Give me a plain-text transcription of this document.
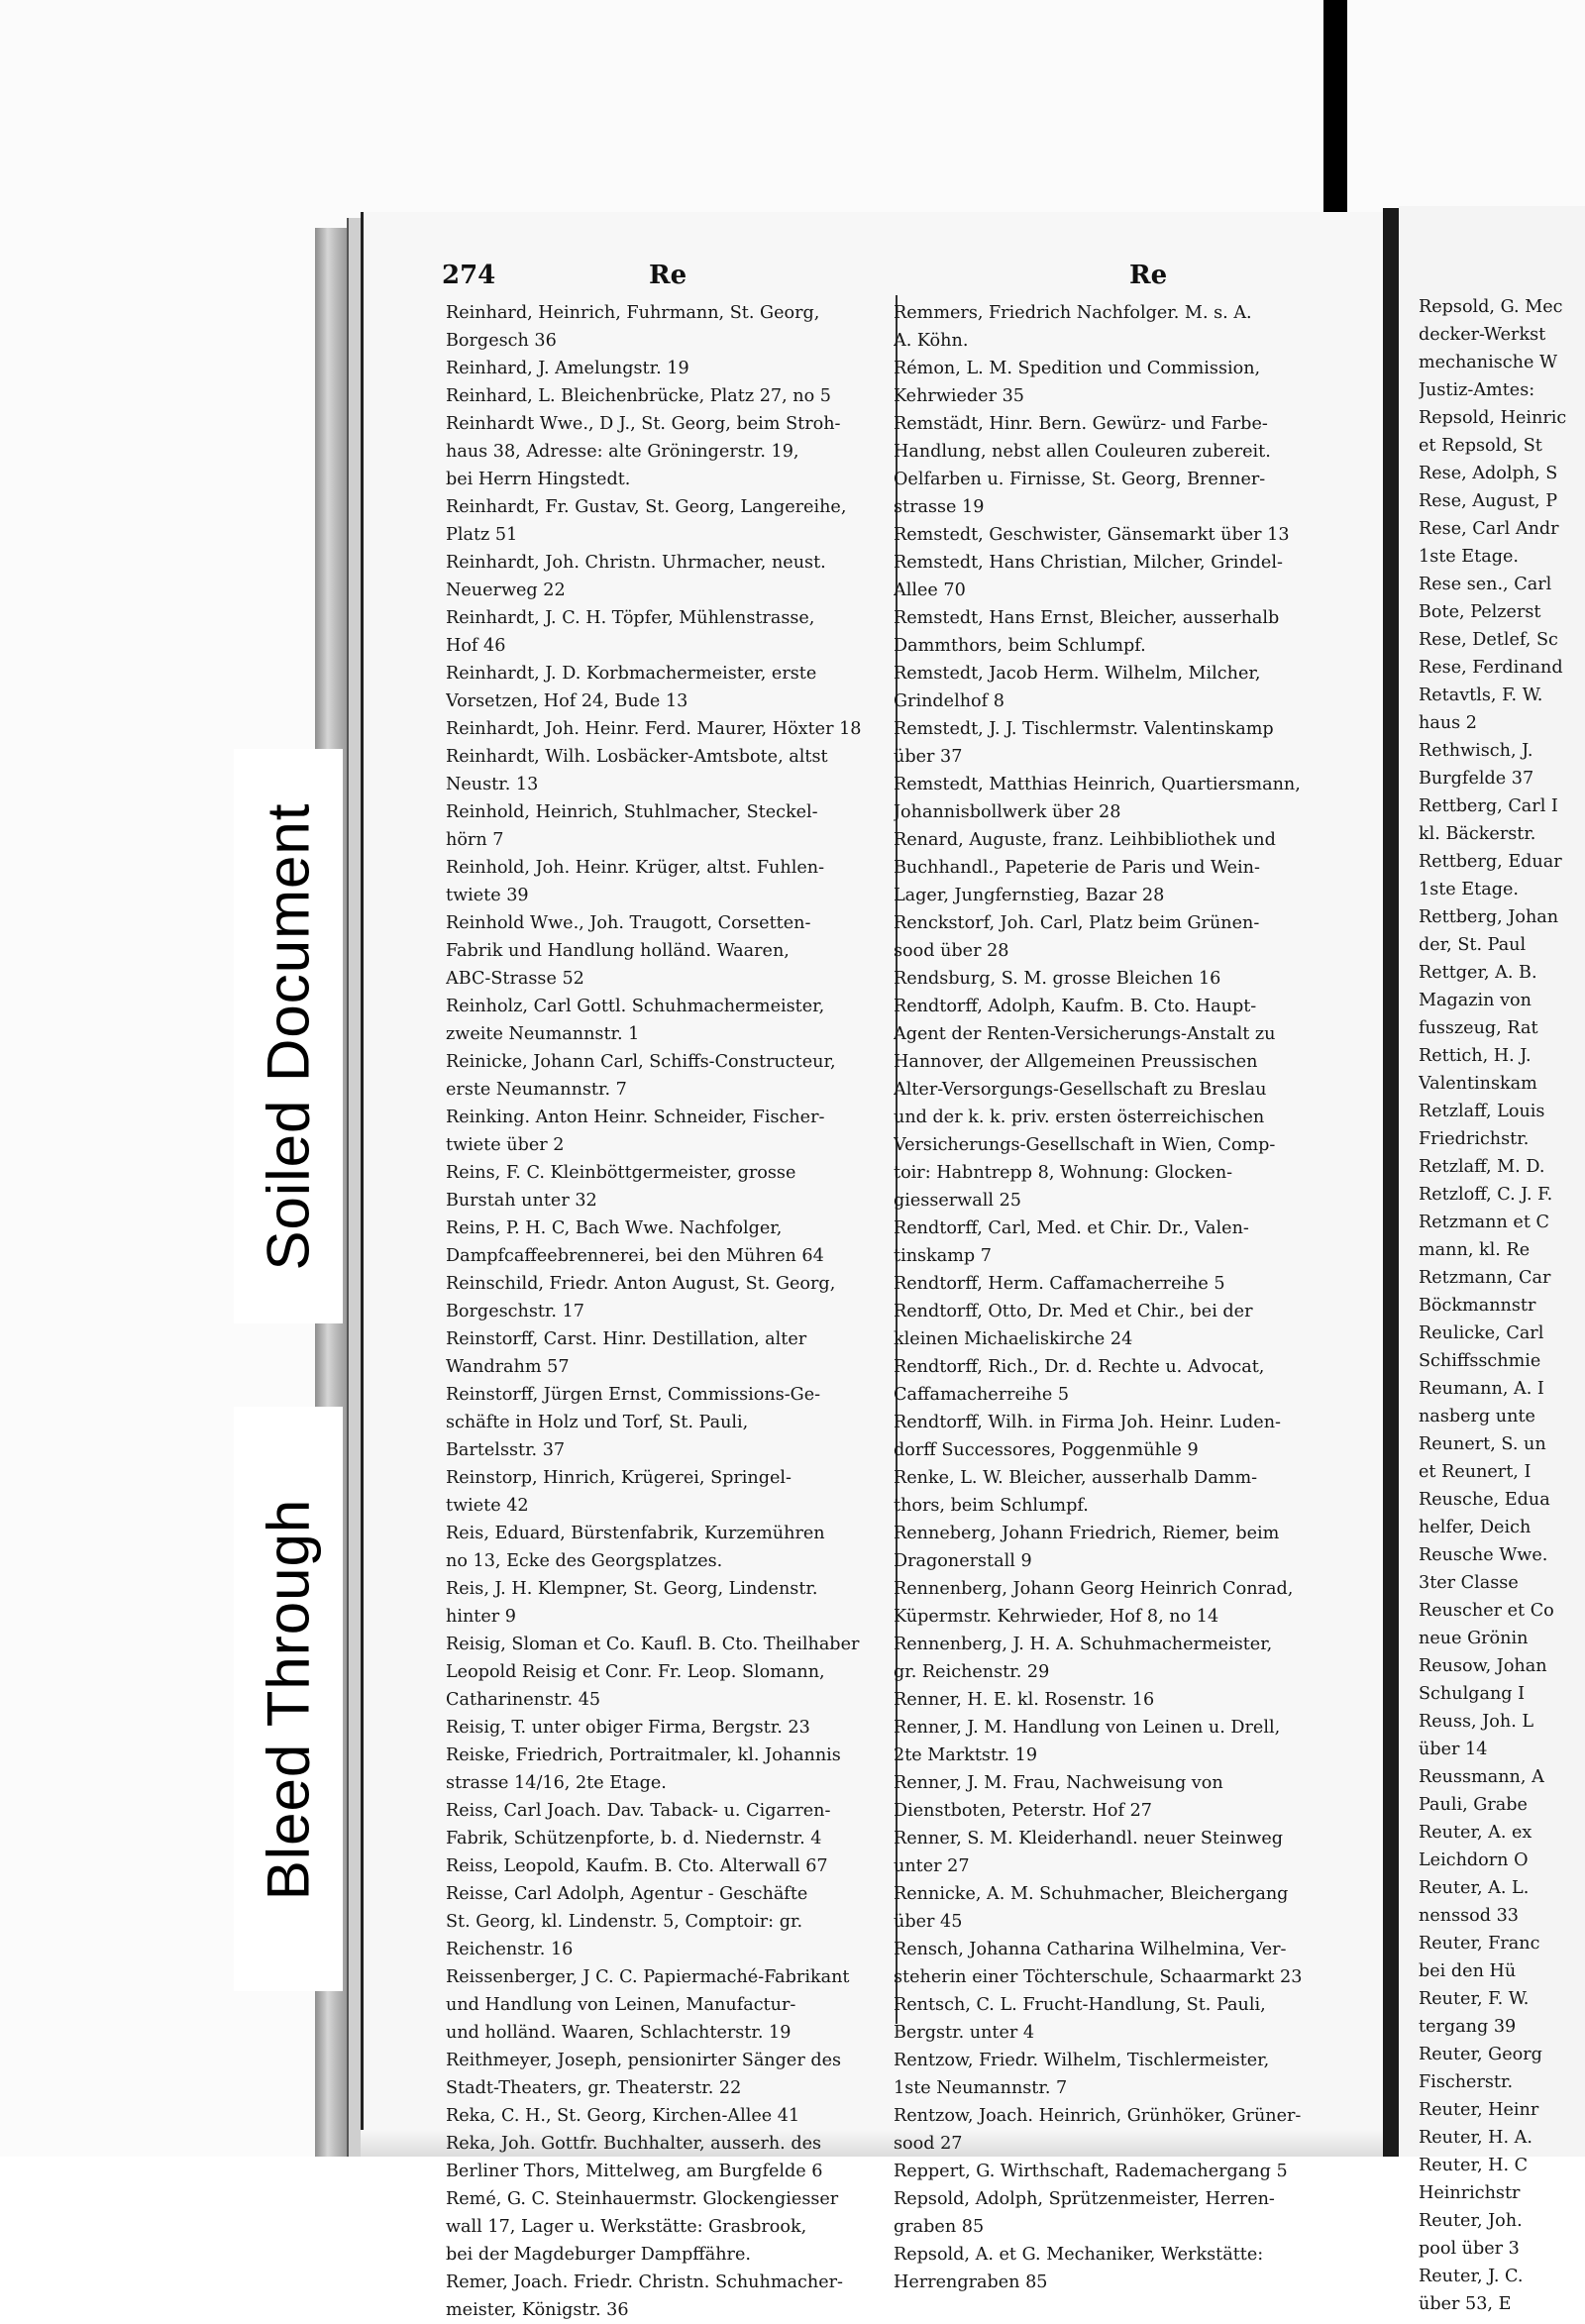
Soiled Document
Bleed Through
274	Re	Re
Reinhard, Heinrich, Fuhrmann, St. Georg,
Borgesch 36
Reinhard, J. Amelungstr. 19
Reinhard, L. Bleichenbrücke, Platz 27, no 5
Reinhardt Wwe., D J., St. Georg, beim Stroh-
haus 38, Adresse: alte Gröningerstr. 19,
bei Herrn Hingstedt.
Reinhardt, Fr. Gustav, St. Georg, Langereihe,
Platz 51
Reinhardt, Joh. Christn. Uhrmacher, neust.
Neuerweg 22
Reinhardt, J. C. H. Töpfer, Mühlenstrasse,
Hof 46
Reinhardt, J. D. Korbmachermeister, erste
Vorsetzen, Hof 24, Bude 13
Reinhardt, Joh. Heinr. Ferd. Maurer, Höxter 18
Reinhardt, Wilh. Losbäcker-Amtsbote, altst
Neustr. 13
Reinhold, Heinrich, Stuhlmacher, Steckel-
hörn 7
Reinhold, Joh. Heinr. Krüger, altst. Fuhlen-
twiete 39
Reinhold Wwe., Joh. Traugott, Corsetten-
Fabrik und Handlung holländ. Waaren,
ABC-Strasse 52
Reinholz, Carl Gottl. Schuhmachermeister,
zweite Neumannstr. 1
Reinicke, Johann Carl, Schiffs-Constructeur,
erste Neumannstr. 7
Reinking. Anton Heinr. Schneider, Fischer-
twiete über 2
Reins, F. C. Kleinböttgermeister, grosse
Burstah unter 32
Reins, P. H. C, Bach Wwe. Nachfolger,
Dampfcaffeebrennerei, bei den Mühren 64
Reinschild, Friedr. Anton August, St. Georg,
Borgeschstr. 17
Reinstorff, Carst. Hinr. Destillation, alter
Wandrahm 57
Reinstorff, Jürgen Ernst, Commissions-Ge-
schäfte in Holz und Torf, St. Pauli,
Bartelsstr. 37
Reinstorp, Hinrich, Krügerei, Springel-
twiete 42
Reis, Eduard, Bürstenfabrik, Kurzemühren
no 13, Ecke des Georgsplatzes.
Reis, J. H. Klempner, St. Georg, Lindenstr.
hinter 9
Reisig, Sloman et Co. Kaufl. B. Cto. Theilhaber
Leopold Reisig et Conr. Fr. Leop. Slomann,
Catharinenstr. 45
Reisig, T. unter obiger Firma, Bergstr. 23
Reiske, Friedrich, Portraitmaler, kl. Johannis
strasse 14/16, 2te Etage.
Reiss, Carl Joach. Dav. Taback- u. Cigarren-
Fabrik, Schützenpforte, b. d. Niedernstr. 4
Reiss, Leopold, Kaufm. B. Cto. Alterwall 67
Reisse, Carl Adolph, Agentur - Geschäfte
St. Georg, kl. Lindenstr. 5, Comptoir: gr.
Reichenstr. 16
Reissenberger, J C. C. Papiermaché-Fabrikant
und Handlung von Leinen, Manufactur-
und holländ. Waaren, Schlachterstr. 19
Reithmeyer, Joseph, pensionirter Sänger des
Stadt-Theaters, gr. Theaterstr. 22
Reka, C. H., St. Georg, Kirchen-Allee 41
Reka, Joh. Gottfr. Buchhalter, ausserh. des
Berliner Thors, Mittelweg, am Burgfelde 6
Remé, G. C. Steinhauermstr. Glockengiesser
wall 17, Lager u. Werkstätte: Grasbrook,
bei der Magdeburger Dampffähre.
Remer, Joach. Friedr. Christn. Schuhmacher-
meister, Königstr. 36
Remmers, Friedrich Nachfolger. M. s. A.
A. Köhn.
Rémon, L. M. Spedition und Commission,
Kehrwieder 35
Remstädt, Hinr. Bern. Gewürz- und Farbe-
Handlung, nebst allen Couleuren zubereit.
Oelfarben u. Firnisse, St. Georg, Brenner-
strasse 19
Remstedt, Geschwister, Gänsemarkt über 13
Remstedt, Hans Christian, Milcher, Grindel-
Allee 70
Remstedt, Hans Ernst, Bleicher, ausserhalb
Dammthors, beim Schlumpf.
Remstedt, Jacob Herm. Wilhelm, Milcher,
Grindelhof 8
Remstedt, J. J. Tischlermstr. Valentinskamp
über 37
Remstedt, Matthias Heinrich, Quartiersmann,
Johannisbollwerk über 28
Renard, Auguste, franz. Leihbibliothek und
Buchhandl., Papeterie de Paris und Wein-
Lager, Jungfernstieg, Bazar 28
Renckstorf, Joh. Carl, Platz beim Grünen-
sood über 28
Rendsburg, S. M. grosse Bleichen 16
Rendtorff, Adolph, Kaufm. B. Cto. Haupt-
Agent der Renten-Versicherungs-Anstalt zu
Hannover, der Allgemeinen Preussischen
Alter-Versorgungs-Gesellschaft zu Breslau
und der k. k. priv. ersten österreichischen
Versicherungs-Gesellschaft in Wien, Comp-
toir: Habntrepp 8, Wohnung: Glocken-
giesserwall 25
Rendtorff, Carl, Med. et Chir. Dr., Valen-
tinskamp 7
Rendtorff, Herm. Caffamacherreihe 5
Rendtorff, Otto, Dr. Med et Chir., bei der
kleinen Michaeliskirche 24
Rendtorff, Rich., Dr. d. Rechte u. Advocat,
Caffamacherreihe 5
Rendtorff, Wilh. in Firma Joh. Heinr. Luden-
dorff Successores, Poggenmühle 9
Renke, L. W. Bleicher, ausserhalb Damm-
thors, beim Schlumpf.
Renneberg, Johann Friedrich, Riemer, beim
Dragonerstall 9
Rennenberg, Johann Georg Heinrich Conrad,
Küpermstr. Kehrwieder, Hof 8, no 14
Rennenberg, J. H. A. Schuhmachermeister,
gr. Reichenstr. 29
Renner, H. E. kl. Rosenstr. 16
Renner, J. M. Handlung von Leinen u. Drell,
2te Marktstr. 19
Renner, J. M. Frau, Nachweisung von
Dienstboten, Peterstr. Hof 27
Renner, S. M. Kleiderhandl. neuer Steinweg
unter 27
Rennicke, A. M. Schuhmacher, Bleichergang
über 45
Rensch, Johanna Catharina Wilhelmina, Ver-
steherin einer Töchterschule, Schaarmarkt 23
Rentsch, C. L. Frucht-Handlung, St. Pauli,
Bergstr. unter 4
Rentzow, Friedr. Wilhelm, Tischlermeister,
1ste Neumannstr. 7
Rentzow, Joach. Heinrich, Grünhöker, Grüner-
sood 27
Reppert, G. Wirthschaft, Rademachergang 5
Repsold, Adolph, Sprützenmeister, Herren-
graben 85
Repsold, A. et G. Mechaniker, Werkstätte:
Herrengraben 85
Repsold, G. Mec
decker-Werkst
mechanische W
Justiz-Amtes:
Repsold, Heinric
et Repsold, St
Rese, Adolph, S
Rese, August, P
Rese, Carl Andr
1ste Etage.
Rese sen., Carl
Bote, Pelzerst
Rese, Detlef, Sc
Rese, Ferdinand
Retavtls, F. W.
haus 2
Rethwisch, J.
Burgfelde 37
Rettberg, Carl I
kl. Bäckerstr.
Rettberg, Eduar
1ste Etage.
Rettberg, Johan
der, St. Paul
Rettger, A. B.
Magazin von
fusszeug, Rat
Rettich, H. J.
Valentinskam
Retzlaff, Louis
Friedrichstr.
Retzlaff, M. D.
Retzloff, C. J. F.
Retzmann et C
mann, kl. Re
Retzmann, Car
Böckmannstr
Reulicke, Carl
Schiffsschmie
Reumann, A. I
nasberg unte
Reunert, S. un
et Reunert, I
Reusche, Edua
helfer, Deich
Reusche Wwe.
3ter Classe
Reuscher et Co
neue Grönin
Reusow, Johan
Schulgang I
Reuss, Joh. L
über 14
Reussmann, A
Pauli, Grabe
Reuter, A. ex
Leichdorn O
Reuter, A. L.
nenssod 33
Reuter, Franc
bei den Hü
Reuter, F. W.
tergang 39
Reuter, Georg
Fischerstr.
Reuter, Heinr
Reuter, H. A.
Reuter, H. C
Heinrichstr
Reuter, Joh.
pool über 3
Reuter, J. C.
über 53, E
